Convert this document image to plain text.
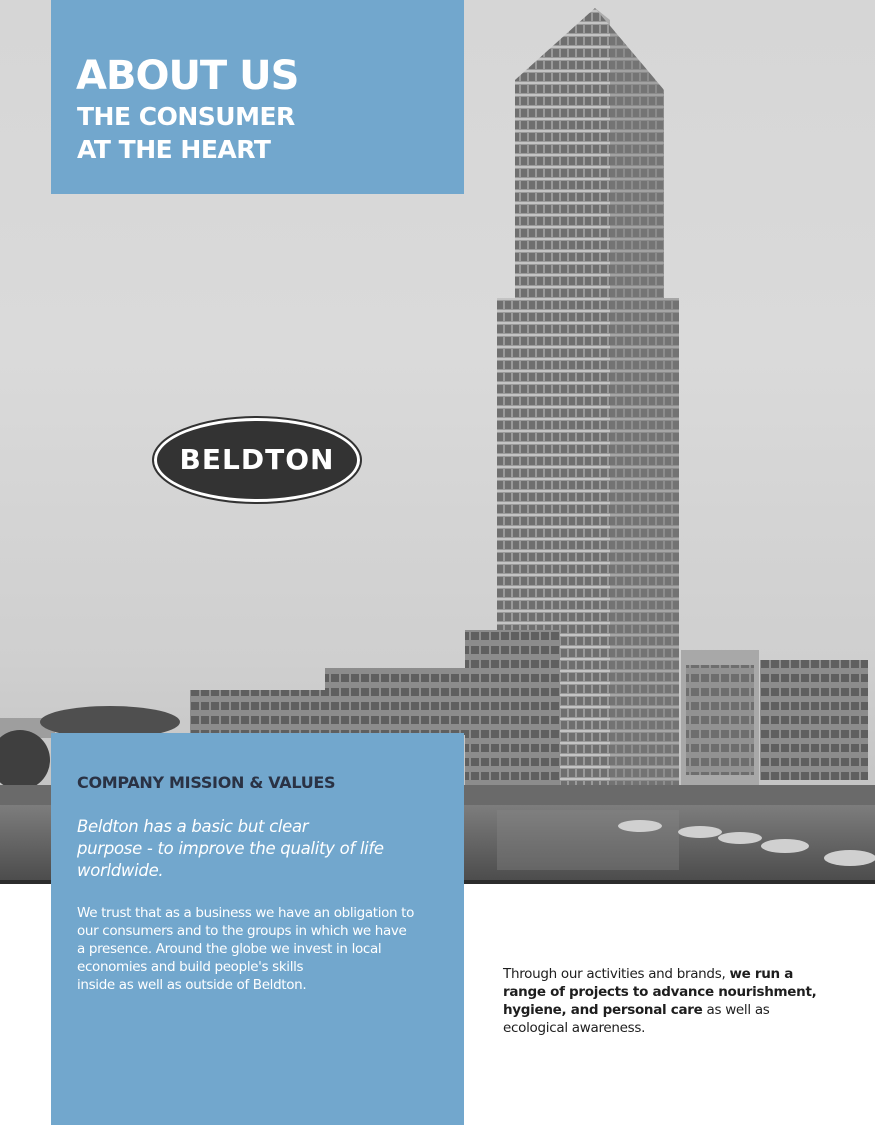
ABOUT US
THE CONSUMER
AT THE HEART
BELDTON
COMPANY MISSION & VALUES

Beldton has a basic but clear
purpose - to improve the quality of life
worldwide.

We trust that as a business we have an obligation to
our consumers and to the groups in which we have
a presence. Around the globe we invest in local
economies and build people's skills
inside as well as outside of Beldton.

Through our activities and brands, we run a
range of projects to advance nourishment,
hygiene, and personal care as well as
ecological awareness.
